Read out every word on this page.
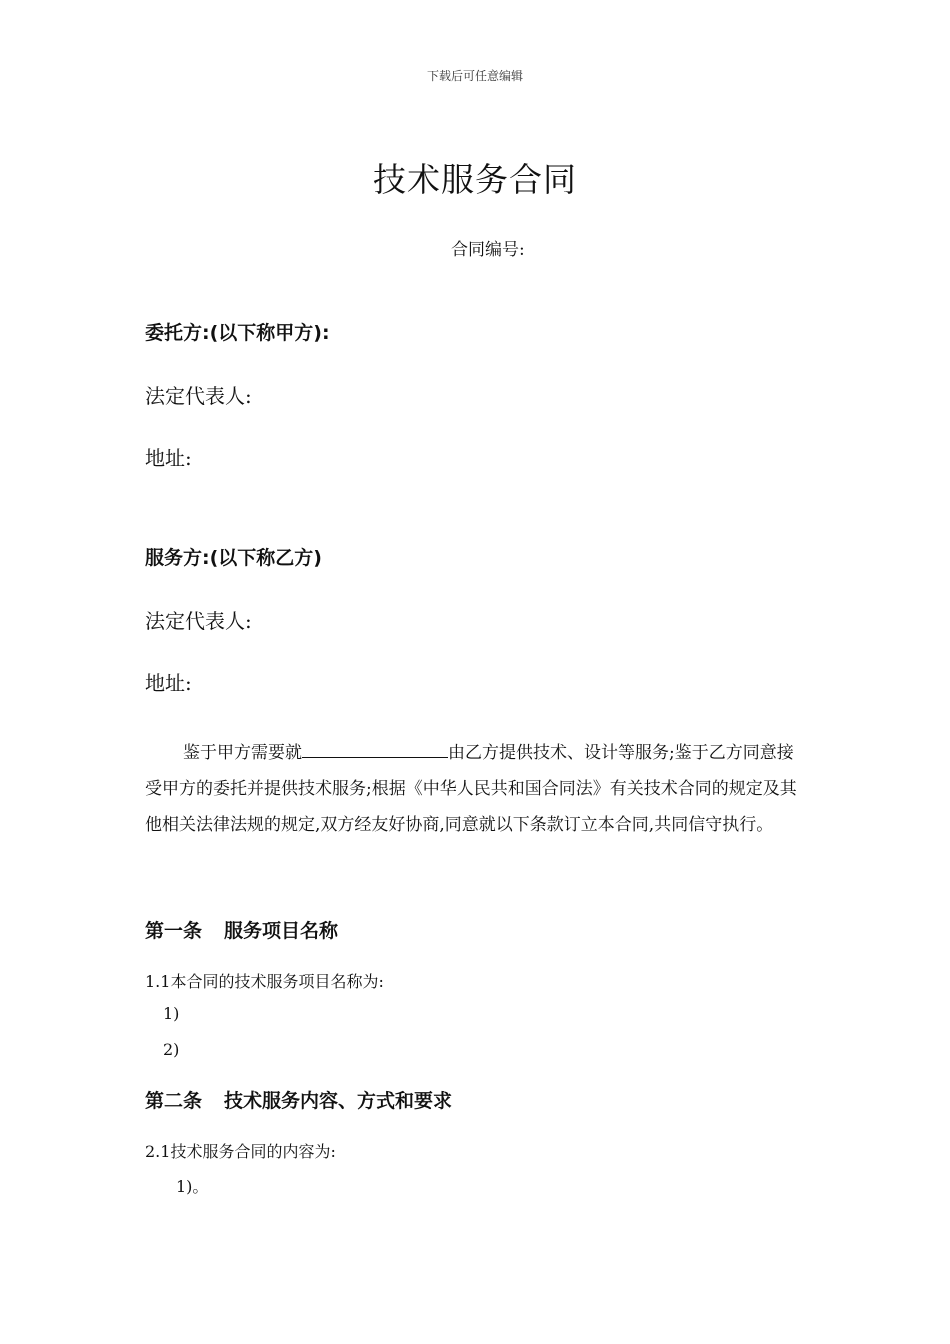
下载后可任意编辑
技术服务合同
合同编号:
委托方:(以下称甲方):
法定代表人:
地址:
服务方:(以下称乙方)
法定代表人:
地址:

鉴于甲方需要就	由乙方提供技术、设计等服务;鉴于乙方同意接受甲方的委托并提供技术服务;根据《中华人民共和国合同法》有关技术合同的规定及其他相关法律法规的规定,双方经友好协商,同意就以下条款订立本合同,共同信守执行。

第一条 服务项目名称
1.1本合同的技术服务项目名称为:
1)
2)
第二条 技术服务内容、方式和要求
2.1技术服务合同的内容为:
1)。
